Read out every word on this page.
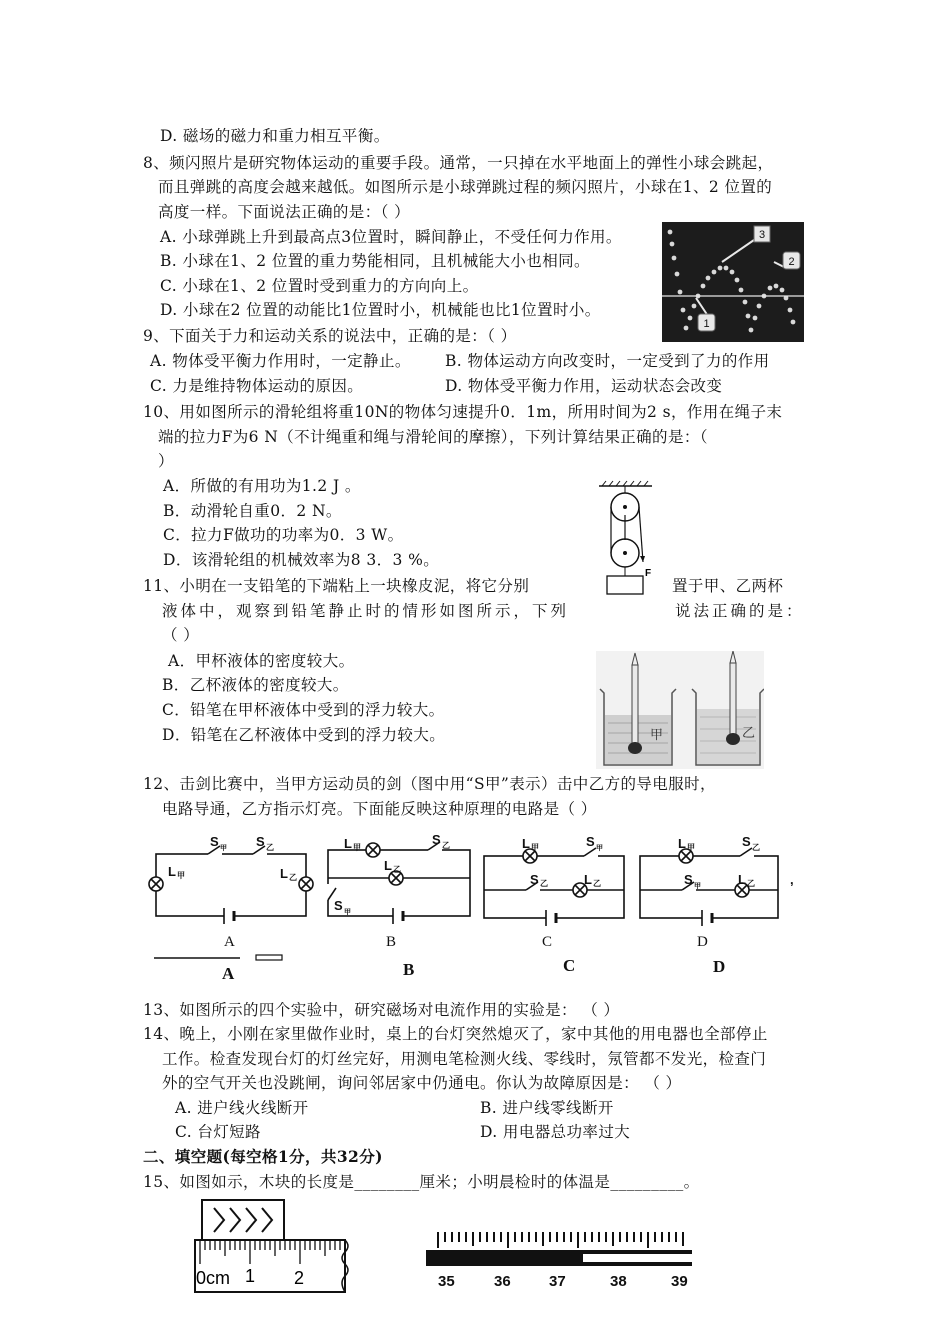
D. 磁场的磁力和重力相互平衡。
8、频闪照片是研究物体运动的重要手段。通常，一只掉在水平地面上的弹性小球会跳起，
而且弹跳的高度会越来越低。如图所示是小球弹跳过程的频闪照片，小球在1、2 位置的
高度一样。下面说法正确的是：（ ）
A. 小球弹跳上升到最高点3位置时，瞬间静止，不受任何力作用。
B. 小球在1、2 位置的重力势能相同，且机械能大小也相同。
C. 小球在1、2 位置时受到重力的方向向上。
D. 小球在2 位置的动能比1位置时小，机械能也比1位置时小。
9、下面关于力和运动关系的说法中，正确的是：（ ）
A. 物体受平衡力作用时，一定静止。 B. 物体运动方向改变时，一定受到了力的作用
C. 力是维持物体运动的原因。	D. 物体受平衡力作用，运动状态会改变
10、用如图所示的滑轮组将重10N的物体匀速提升0．1m，所用时间为2 s，作用在绳子末
端的拉力F为6 N（不计绳重和绳与滑轮间的摩擦），下列计算结果正确的是：（
）
A．所做的有用功为1.2 J 。
B．动滑轮自重0．2 N。
C．拉力F做功的功率为0．3 W。
D．该滑轮组的机械效率为8 3．3 %。
11、小明在一支铅笔的下端粘上一块橡皮泥，将它分别	置于甲、乙两杯
液体中，观察到铅笔静止时的情形如图所示，下列	说法正确的是：
（ ）
A．甲杯液体的密度较大。
B．乙杯液体的密度较大。
C．铅笔在甲杯液体中受到的浮力较大。
D．铅笔在乙杯液体中受到的浮力较大。
12、击剑比赛中，当甲方运动员的剑（图中用“S甲”表示）击中乙方的导电服时，
电路导通，乙方指示灯亮。下面能反映这种原理的电路是（ ）
13、如图所示的四个实验中，研究磁场对电流作用的实验是： （ ）
14、晚上，小刚在家里做作业时，桌上的台灯突然熄灭了，家中其他的用电器也全部停止
工作。检查发现台灯的灯丝完好，用测电笔检测火线、零线时，氖管都不发光，检查门
外的空气开关也没跳闸，询问邻居家中仍通电。你认为故障原因是： （ ）
A. 进户线火线断开	B. 进户线零线断开
C. 台灯短路	D. 用电器总功率过大
二、填空题(每空格1分，共32分)
15、如图如示，木块的长度是________厘米；小明晨检时的体温是_________。
3
2
1
F
甲	乙
S 甲 S 乙
L 甲	L 乙
L 甲
S 乙
L 乙
S 甲
L 甲	S 甲
S 乙	L 乙
L 甲	S 乙
S 甲	L 乙	,
A	B	C	D
A	B	C	D
0cm 1 2	35	36	37	38	39
